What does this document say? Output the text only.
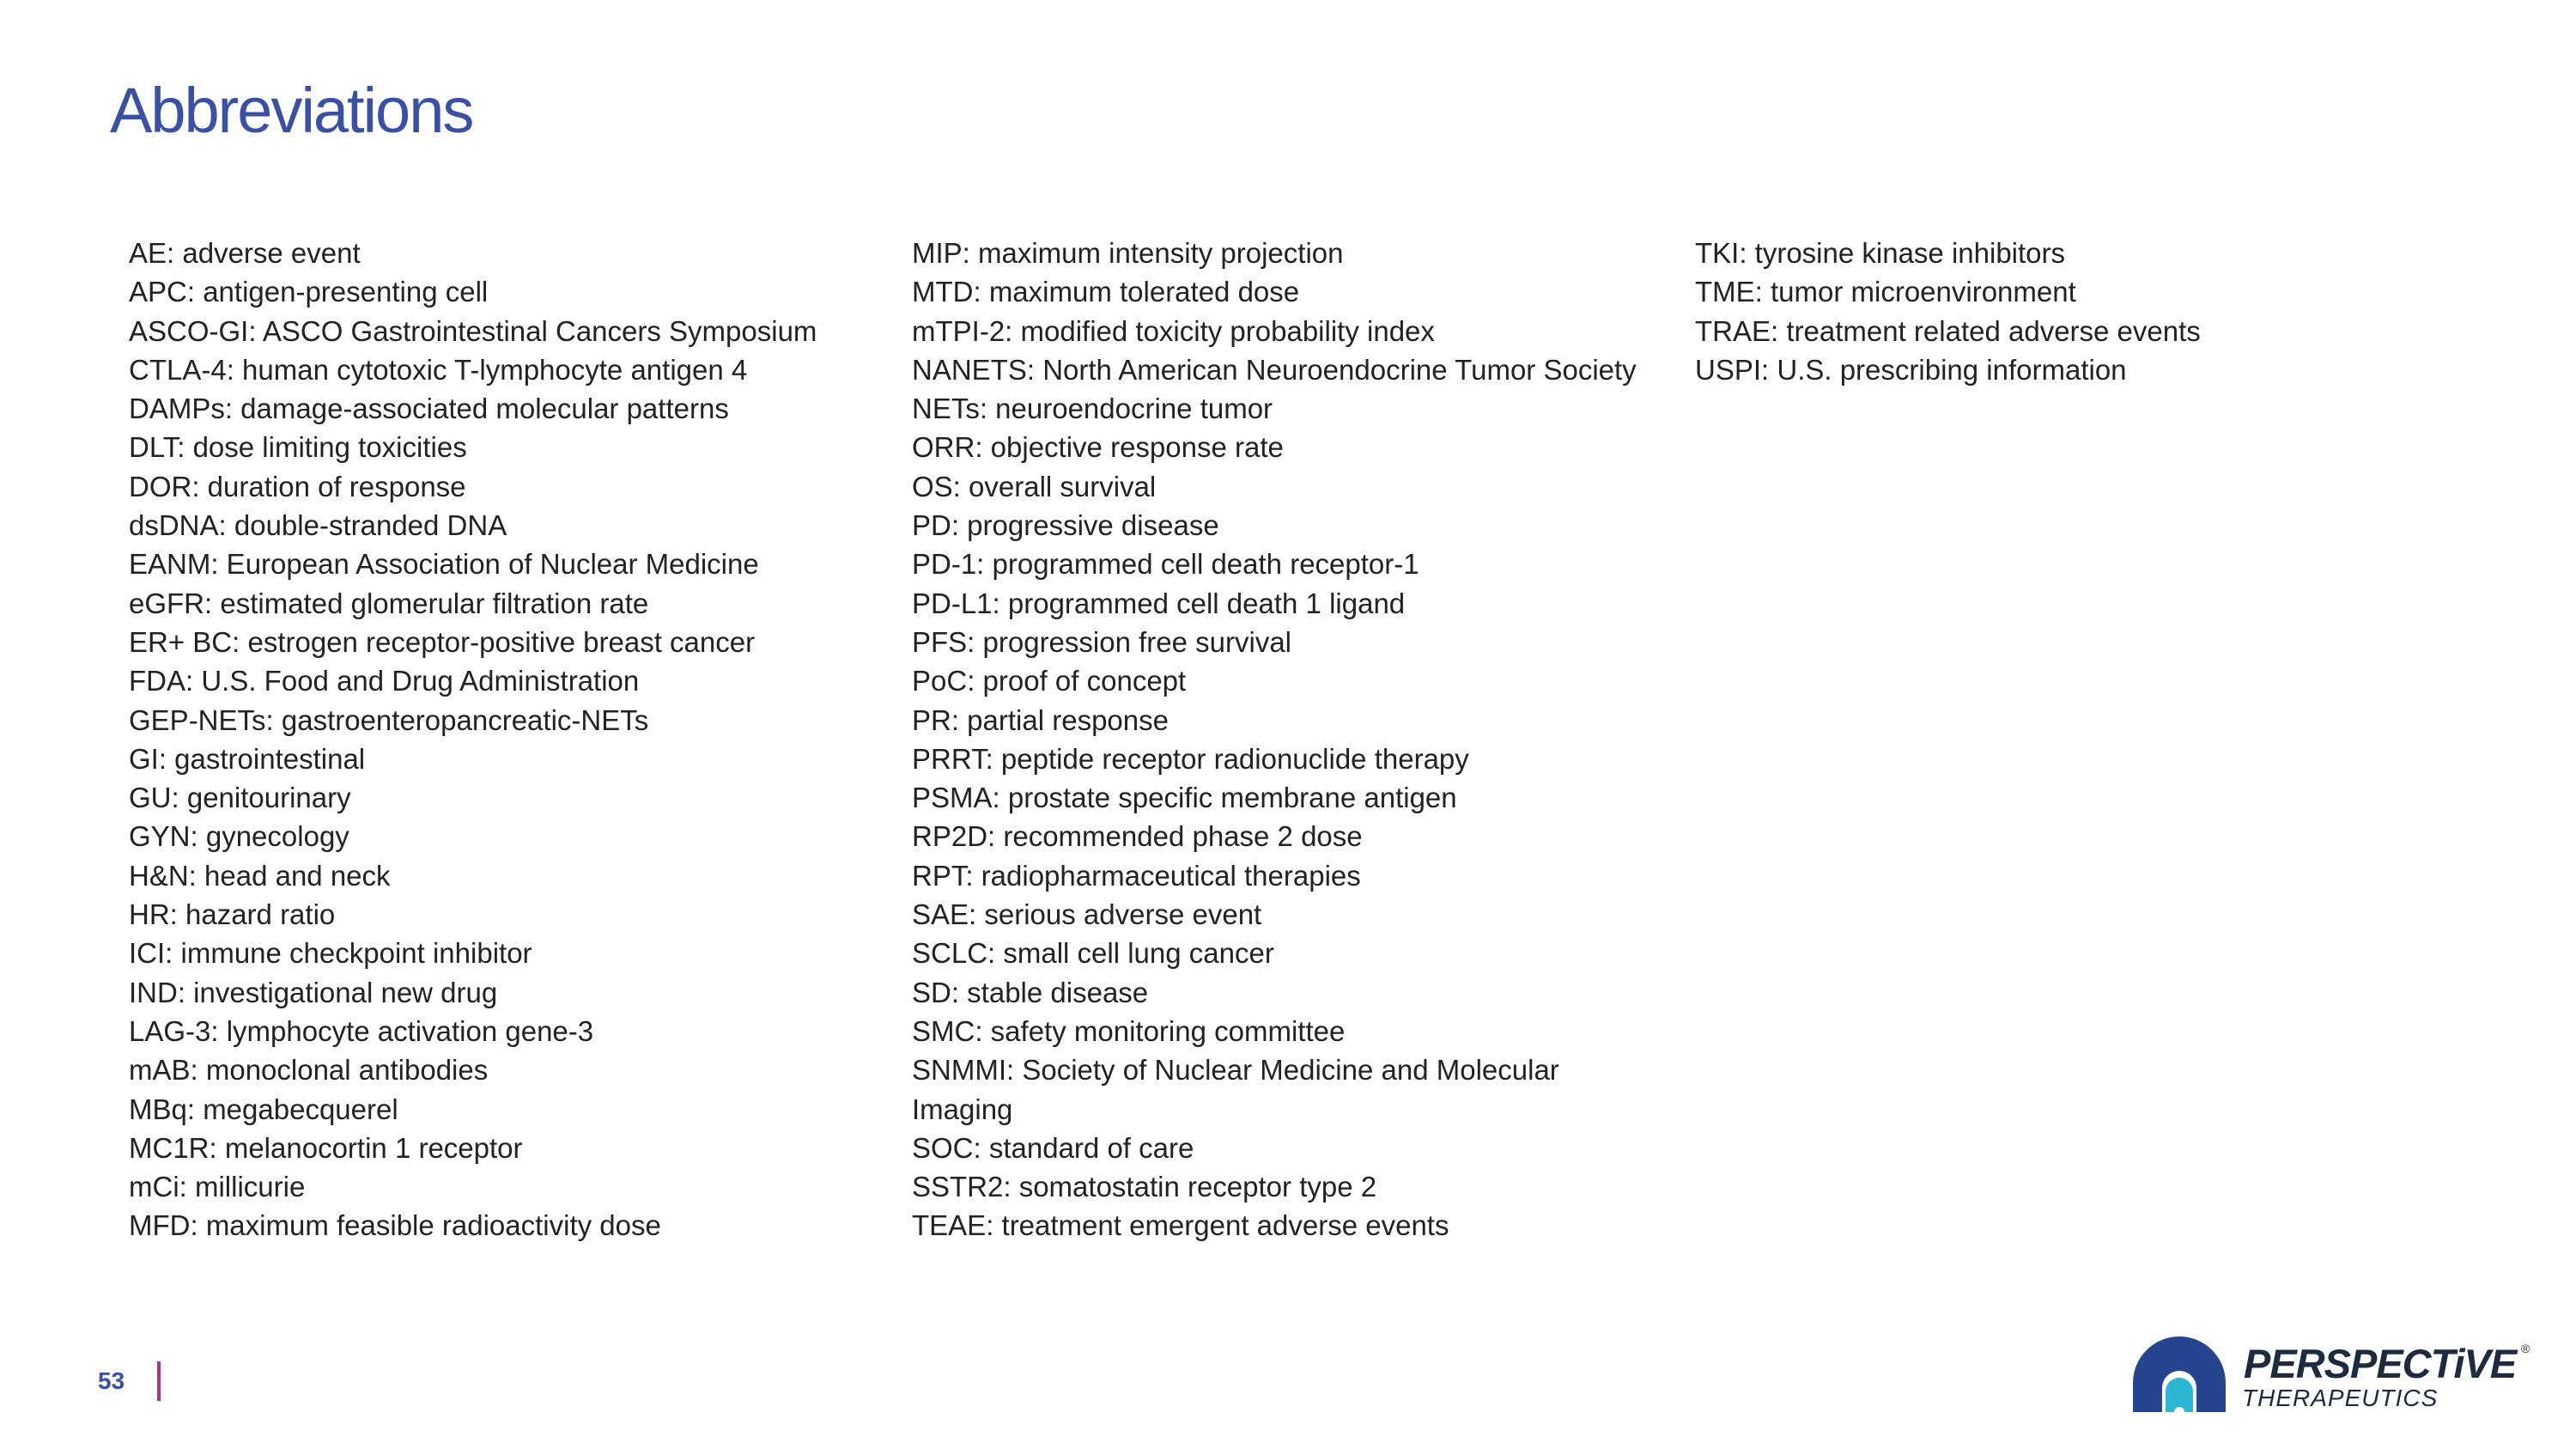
Abbreviations
AE: adverse event
APC: antigen-presenting cell
ASCO-GI: ASCO Gastrointestinal Cancers Symposium
CTLA-4: human cytotoxic T-lymphocyte antigen 4
DAMPs: damage-associated molecular patterns
DLT: dose limiting toxicities
DOR: duration of response
dsDNA: double-stranded DNA
EANM: European Association of Nuclear Medicine
eGFR: estimated glomerular filtration rate
ER+ BC: estrogen receptor-positive breast cancer
FDA: U.S. Food and Drug Administration
GEP-NETs: gastroenteropancreatic-NETs
GI: gastrointestinal
GU: genitourinary
GYN: gynecology
H&N: head and neck
HR: hazard ratio
ICI: immune checkpoint inhibitor
IND: investigational new drug
LAG-3: lymphocyte activation gene-3
mAB: monoclonal antibodies
MBq: megabecquerel
MC1R: melanocortin 1 receptor
mCi: millicurie
MFD: maximum feasible radioactivity dose
MIP: maximum intensity projection
MTD: maximum tolerated dose
mTPI-2: modified toxicity probability index
NANETS: North American Neuroendocrine Tumor Society
NETs: neuroendocrine tumor
ORR: objective response rate
OS: overall survival
PD: progressive disease
PD-1: programmed cell death receptor-1
PD-L1: programmed cell death 1 ligand
PFS: progression free survival
PoC: proof of concept
PR: partial response
PRRT: peptide receptor radionuclide therapy
PSMA: prostate specific membrane antigen
RP2D: recommended phase 2 dose
RPT: radiopharmaceutical therapies
SAE: serious adverse event
SCLC: small cell lung cancer
SD: stable disease
SMC: safety monitoring committee
SNMMI: Society of Nuclear Medicine and Molecular Imaging
SOC: standard of care
SSTR2: somatostatin receptor type 2
TEAE: treatment emergent adverse events
TKI: tyrosine kinase inhibitors
TME: tumor microenvironment
TRAE: treatment related adverse events
USPI: U.S. prescribing information
53	PERSPECTiVE ®
THERAPEUTICS
